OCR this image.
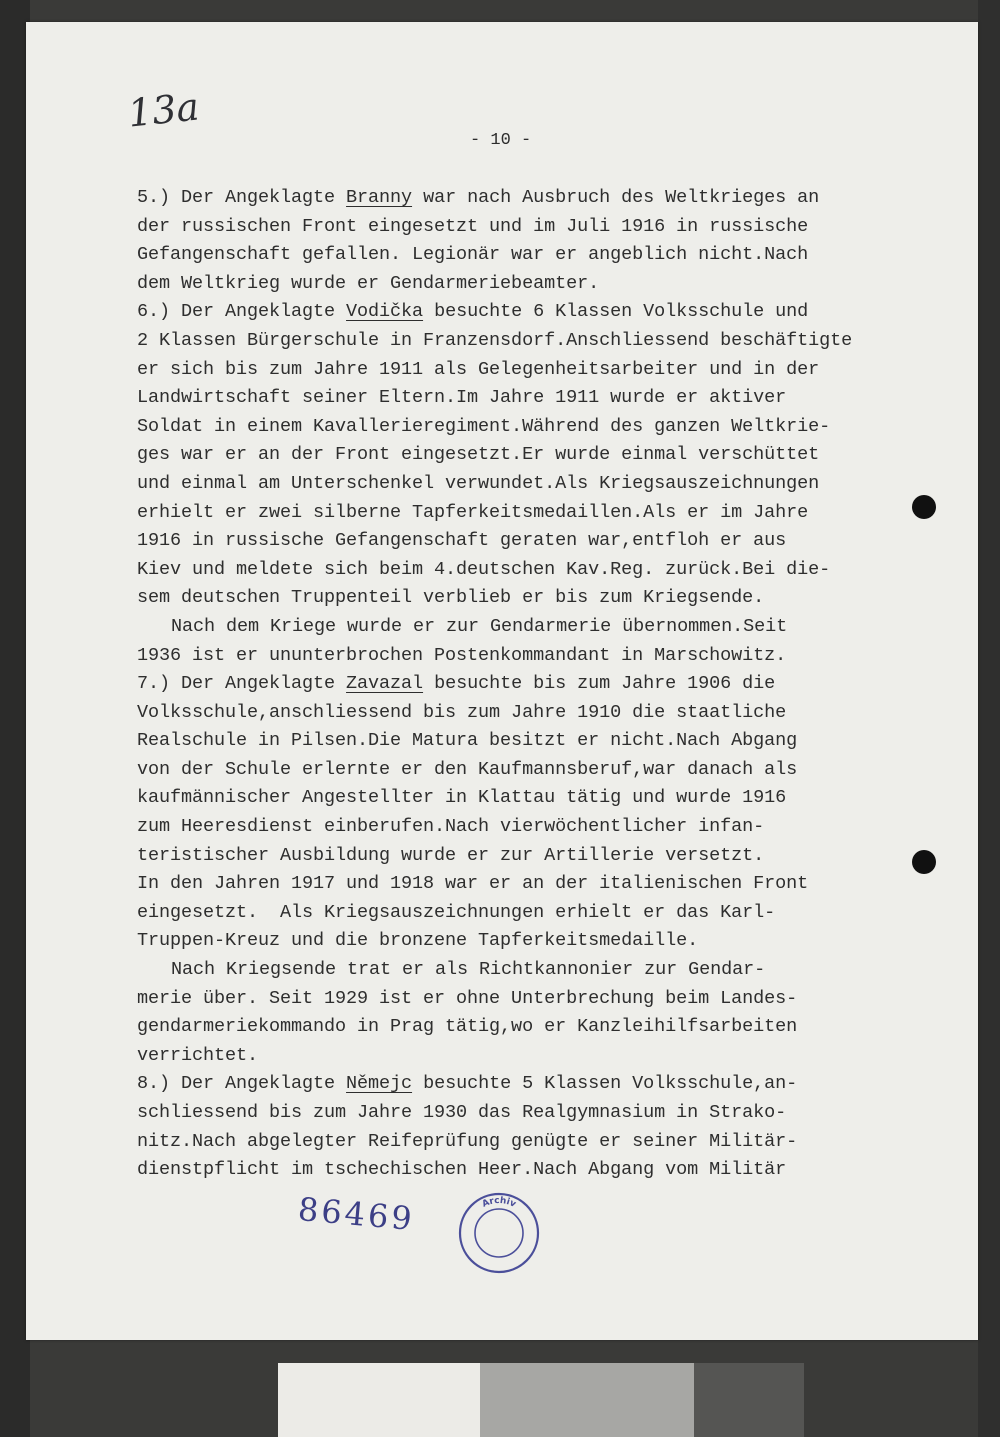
13a
- 10 -
5.) Der Angeklagte Branny war nach Ausbruch des Weltkrieges an
der russischen Front eingesetzt und im Juli 1916 in russische
Gefangenschaft gefallen. Legionär war er angeblich nicht.Nach
dem Weltkrieg wurde er Gendarmeriebeamter.
6.) Der Angeklagte Vodička besuchte 6 Klassen Volksschule und
2 Klassen Bürgerschule in Franzensdorf.Anschliessend beschäftigte
er sich bis zum Jahre 1911 als Gelegenheitsarbeiter und in der
Landwirtschaft seiner Eltern.Im Jahre 1911 wurde er aktiver
Soldat in einem Kavallerieregiment.Während des ganzen Weltkrie-
ges war er an der Front eingesetzt.Er wurde einmal verschüttet
und einmal am Unterschenkel verwundet.Als Kriegsauszeichnungen
erhielt er zwei silberne Tapferkeitsmedaillen.Als er im Jahre
1916 in russische Gefangenschaft geraten war,entfloh er aus
Kiev und meldete sich beim 4.deutschen Kav.Reg. zurück.Bei die-
sem deutschen Truppenteil verblieb er bis zum Kriegsende.
Nach dem Kriege wurde er zur Gendarmerie übernommen.Seit
1936 ist er ununterbrochen Postenkommandant in Marschowitz.
7.) Der Angeklagte Zavazal besuchte bis zum Jahre 1906 die
Volksschule,anschliessend bis zum Jahre 1910 die staatliche
Realschule in Pilsen.Die Matura besitzt er nicht.Nach Abgang
von der Schule erlernte er den Kaufmannsberuf,war danach als
kaufmännischer Angestellter in Klattau tätig und wurde 1916
zum Heeresdienst einberufen.Nach vierwöchentlicher infan-
teristischer Ausbildung wurde er zur Artillerie versetzt.
In den Jahren 1917 und 1918 war er an der italienischen Front
eingesetzt.  Als Kriegsauszeichnungen erhielt er das Karl-
Truppen-Kreuz und die bronzene Tapferkeitsmedaille.
Nach Kriegsende trat er als Richtkannonier zur Gendar-
merie über. Seit 1929 ist er ohne Unterbrechung beim Landes-
gendarmeriekommando in Prag tätig,wo er Kanzleihilfsarbeiten
verrichtet.
8.) Der Angeklagte Němejc besuchte 5 Klassen Volksschule,an-
schliessend bis zum Jahre 1930 das Realgymnasium in Strako-
nitz.Nach abgelegter Reifeprüfung genügte er seiner Militär-
dienstpflicht im tschechischen Heer.Nach Abgang vom Militär
86469	Archiv
